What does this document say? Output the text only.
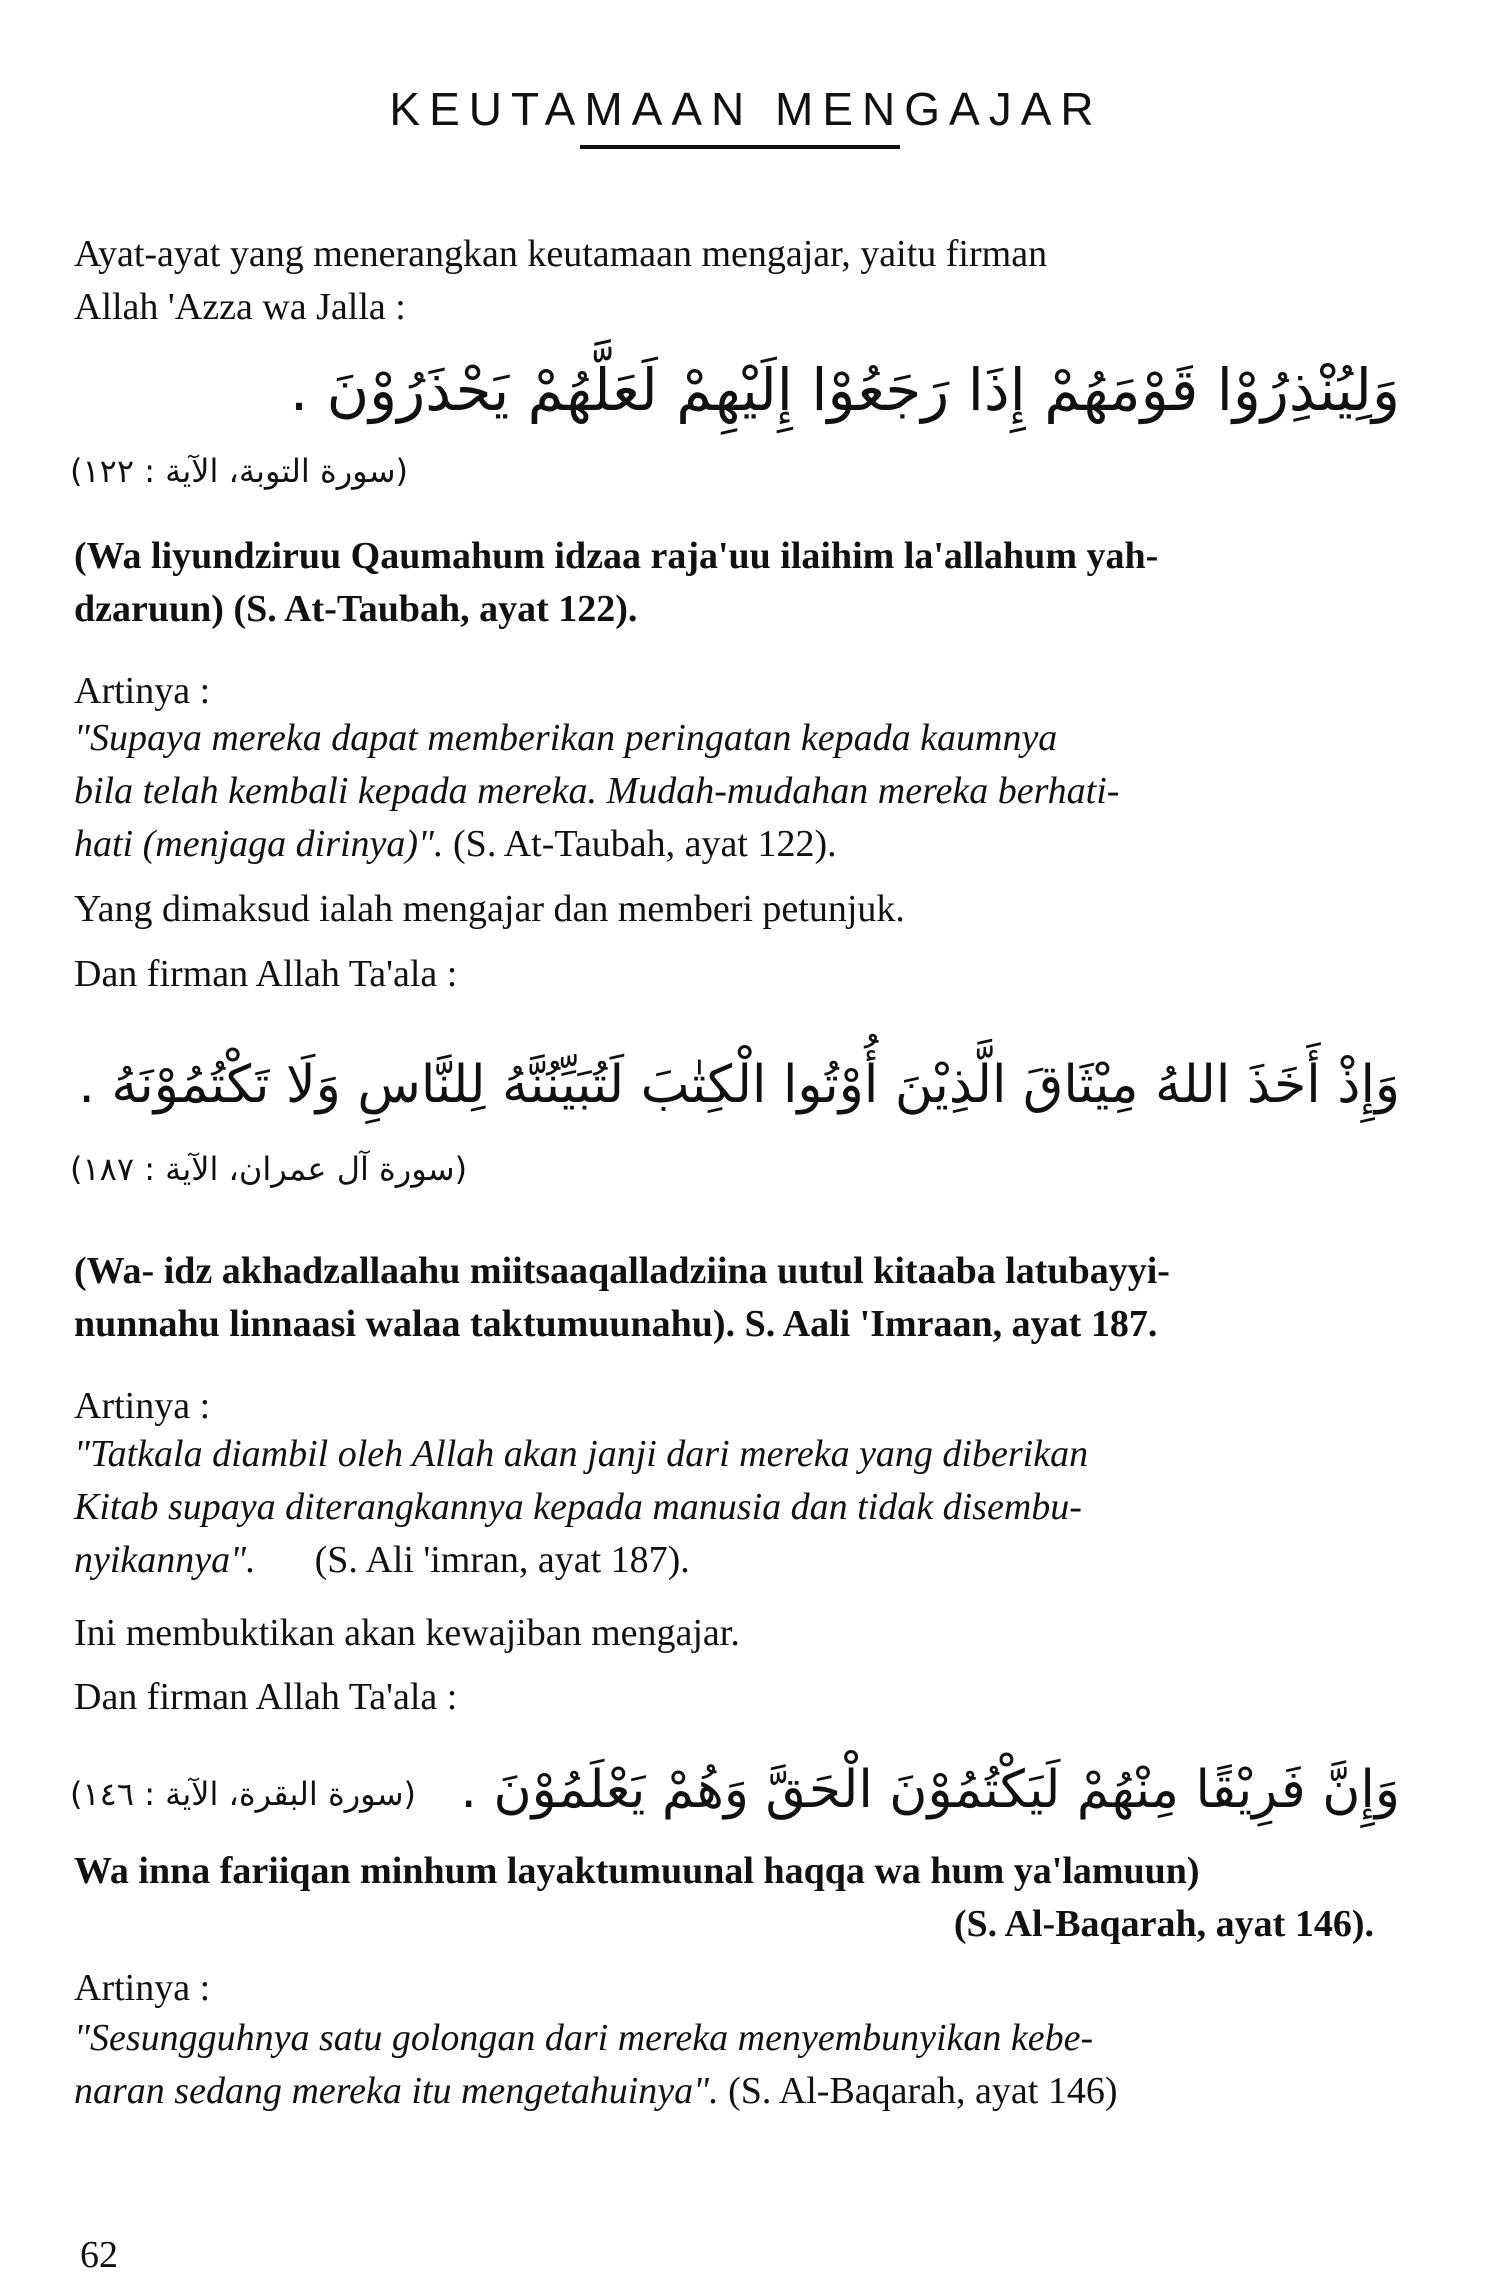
KEUTAMAAN MENGAJAR
Ayat-ayat yang menerangkan keutamaan mengajar, yaitu firman
Allah 'Azza wa Jalla :
وَلِيُنْذِرُوْا قَوْمَهُمْ إِذَا رَجَعُوْا إِلَيْهِمْ لَعَلَّهُمْ يَحْذَرُوْنَ .
(سورة التوبة، الآية : ١٢٢)
(Wa liyundziruu Qaumahum idzaa raja'uu ilaihim la'allahum yah-
dzaruun) (S. At-Taubah, ayat 122).
Artinya :
"Supaya mereka dapat memberikan peringatan kepada kaumnya
bila telah kembali kepada mereka. Mudah-mudahan mereka berhati-
hati (menjaga dirinya)". (S. At-Taubah, ayat 122).
Yang dimaksud ialah mengajar dan memberi petunjuk.
Dan firman Allah Ta'ala :
وَإِذْ أَخَذَ اللهُ مِيْثَاقَ الَّذِيْنَ أُوْتُوا الْكِتٰبَ لَتُبَيِّنُنَّهُ لِلنَّاسِ وَلَا تَكْتُمُوْنَهُ .
(سورة آل عمران، الآية : ١٨٧)
(Wa- idz akhadzallaahu miitsaaqalladziina uutul kitaaba latubayyi-
nunnahu linnaasi walaa taktumuunahu). S. Aali 'Imraan, ayat 187.
Artinya :
"Tatkala diambil oleh Allah akan janji dari mereka yang diberikan
Kitab supaya diterangkannya kepada manusia dan tidak disembu-
nyikannya". (S. Ali 'imran, ayat 187).
Ini membuktikan akan kewajiban mengajar.
Dan firman Allah Ta'ala :
وَإِنَّ فَرِيْقًا مِنْهُمْ لَيَكْتُمُوْنَ الْحَقَّ وَهُمْ يَعْلَمُوْنَ .
(سورة البقرة، الآية : ١٤٦)
Wa inna fariiqan minhum layaktumuunal haqqa wa hum ya'lamuun)
(S. Al-Baqarah, ayat 146).
Artinya :
"Sesungguhnya satu golongan dari mereka menyembunyikan kebe-
naran sedang mereka itu mengetahuinya". (S. Al-Baqarah, ayat 146)
62
